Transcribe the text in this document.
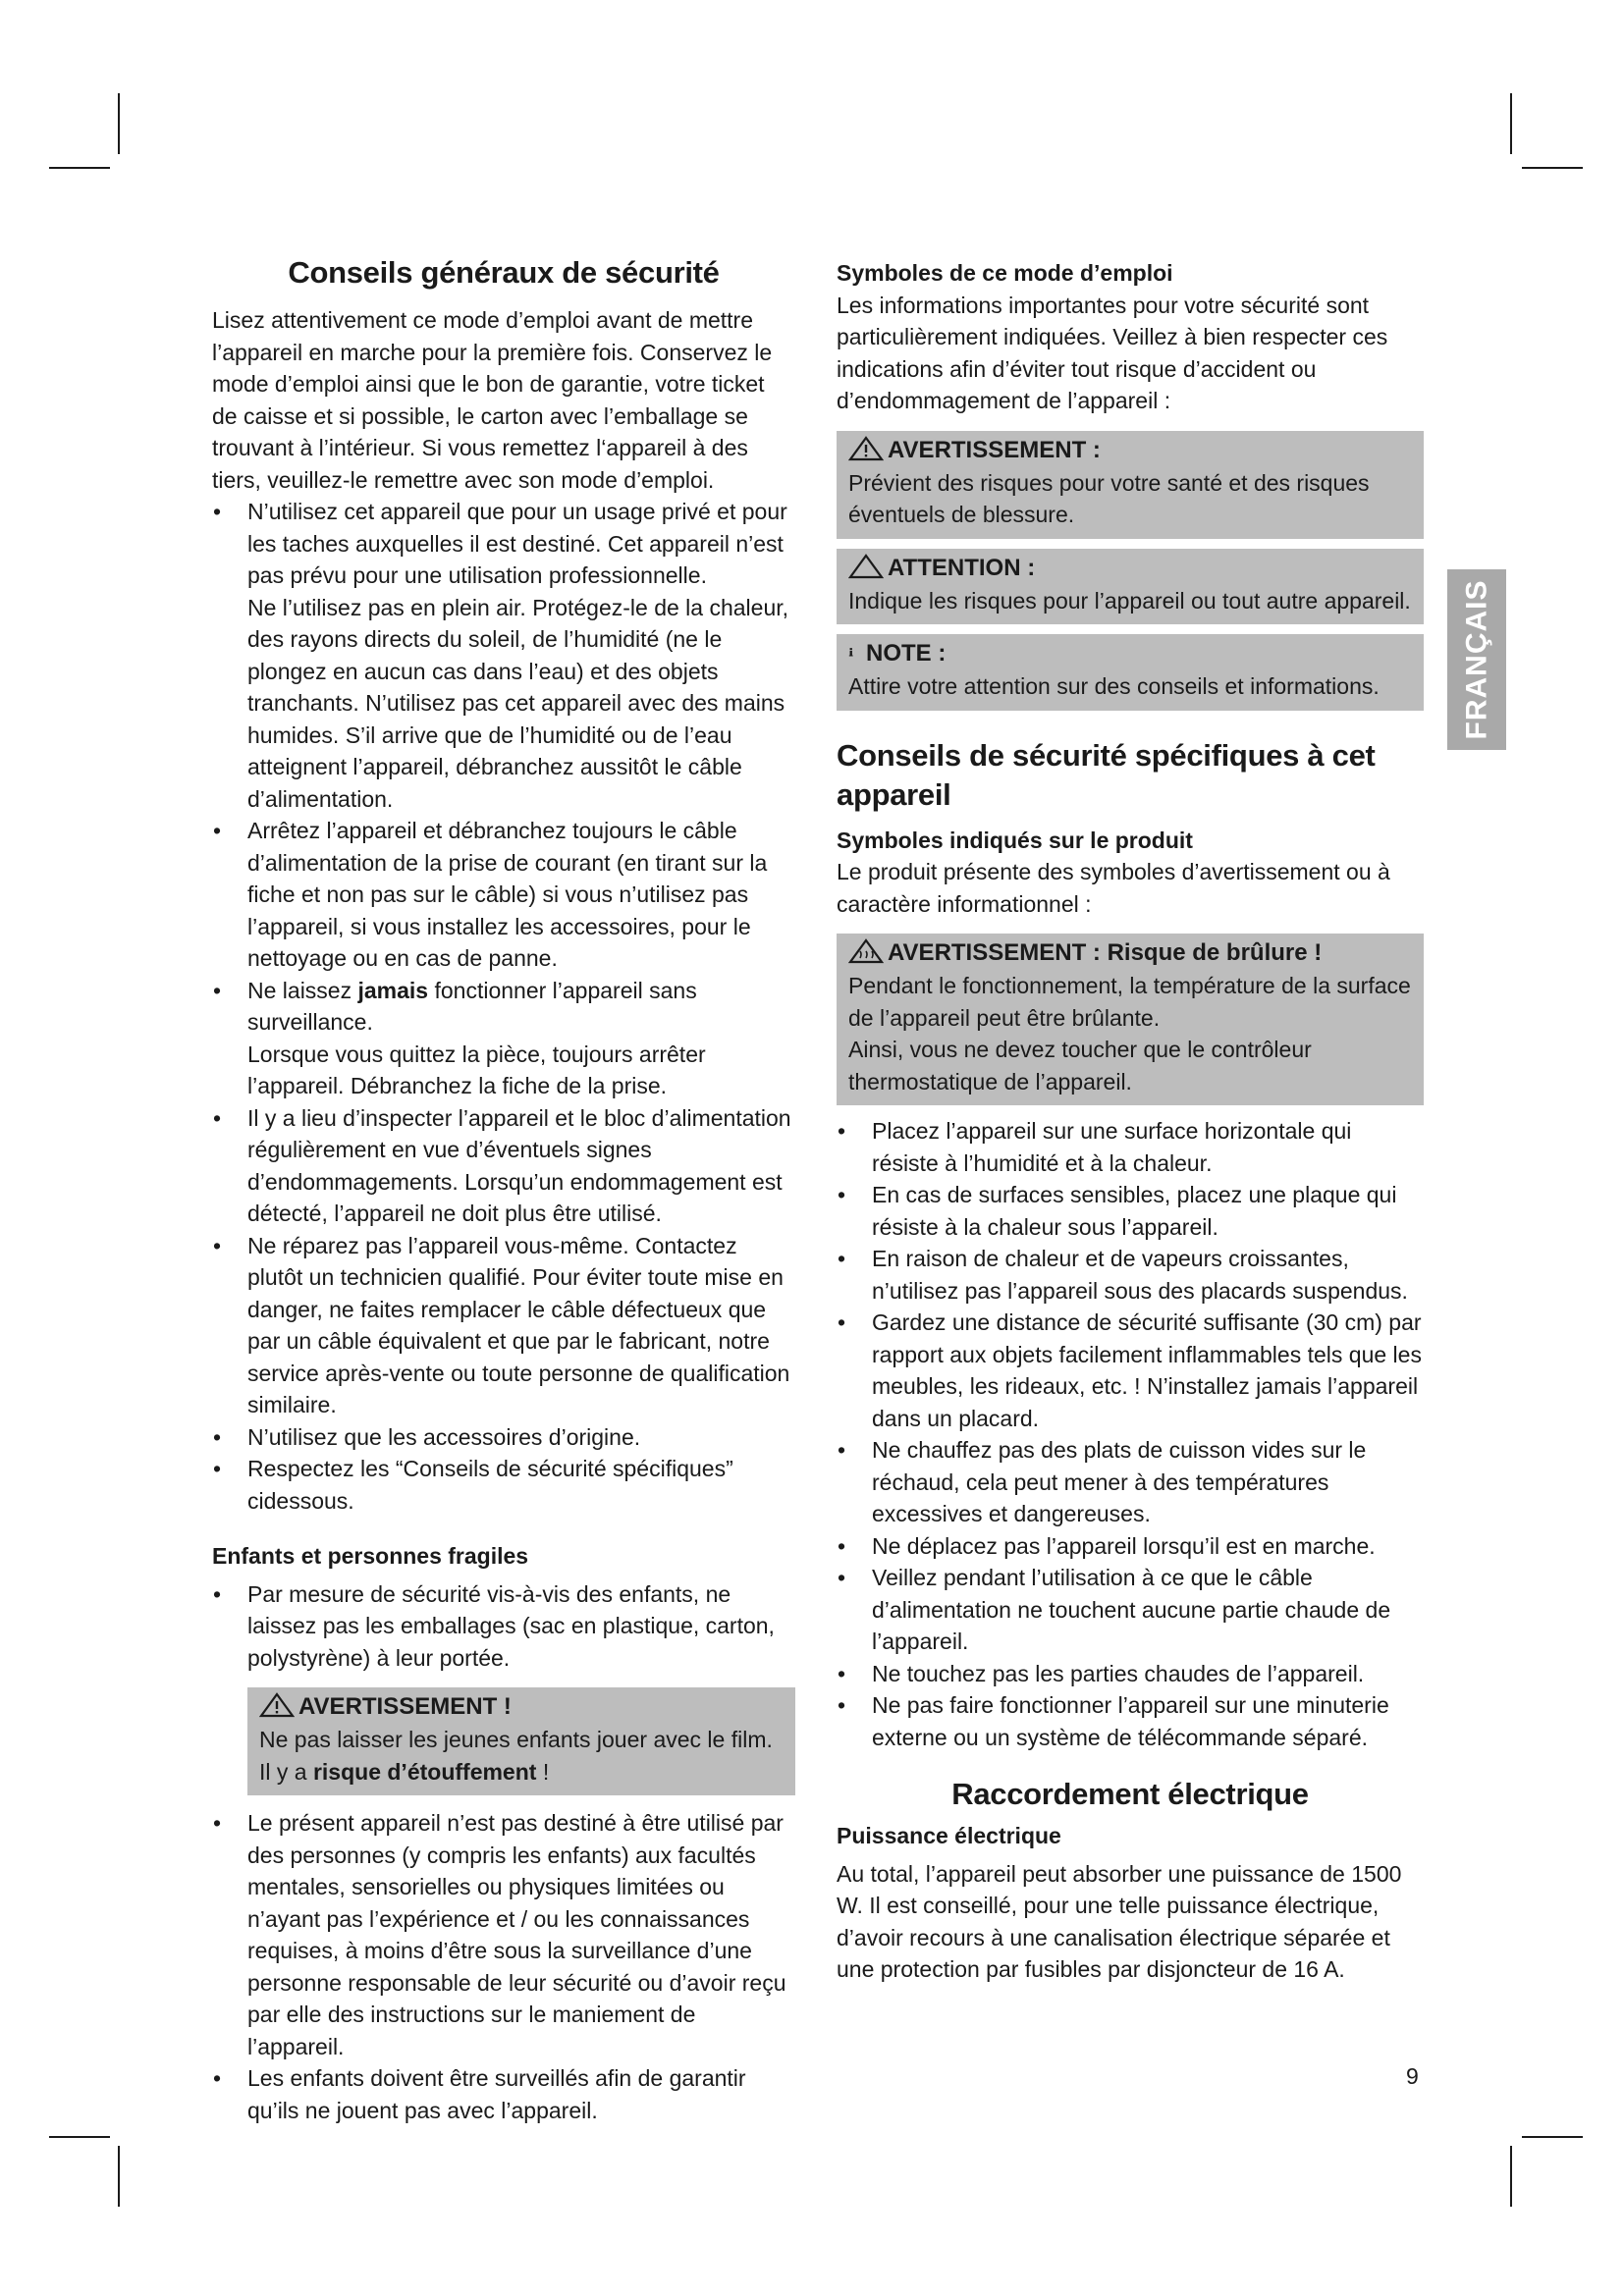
FRANÇAIS
Conseils généraux de sécurité

Lisez attentivement ce mode d’emploi avant de mettre l’appareil en marche pour la première fois. Conservez le mode d’emploi ainsi que le bon de garantie, votre ticket de caisse et si possible, le carton avec l’emballage se trouvant à l’intérieur. Si vous remettez l‘appareil à des tiers, veuillez-le remettre avec son mode d’emploi.

• N’utilisez cet appareil que pour un usage privé et pour les taches auxquelles il est destiné. Cet appareil n’est pas prévu pour une utilisation professionnelle.

Ne l’utilisez pas en plein air. Protégez-le de la chaleur, des rayons directs du soleil, de l’humidité (ne le plongez en aucun cas dans l’eau) et des objets tranchants. N’utilisez pas cet appareil avec des mains humides. S’il arrive que de l’humidité ou de l’eau atteignent l’appareil, débranchez aussitôt le câble d’alimentation.

• Arrêtez l’appareil et débranchez toujours le câble d’alimentation de la prise de courant (en tirant sur la fiche et non pas sur le câble) si vous n’utilisez pas l’appareil, si vous installez les accessoires, pour le nettoyage ou en cas de panne.

• Ne laissez jamais fonctionner l’appareil sans surveillance.

Lorsque vous quittez la pièce, toujours arrêter l’appareil. Débranchez la fiche de la prise.

• Il y a lieu d’inspecter l’appareil et le bloc d’alimentation régulièrement en vue d’éventuels signes d’endommagements. Lorsqu’un endommagement est détecté, l’appareil ne doit plus être utilisé.

• Ne réparez pas l’appareil vous-même. Contactez plutôt un technicien qualifié. Pour éviter toute mise en danger, ne faites remplacer le câble défectueux que par un câble équivalent et que par le fabricant, notre service après-vente ou toute personne de qualification similaire.

• N’utilisez que les accessoires d’origine.

• Respectez les “Conseils de sécurité spécifiques” cidessous.

Enfants et personnes fragiles
• Par mesure de sécurité vis-à-vis des enfants, ne laissez pas les emballages (sac en plastique, carton, polystyrène) à leur portée.

AVERTISSEMENT !

Ne pas laisser les jeunes enfants jouer avec le film.

Il y a risque d’étouffement !

• Le présent appareil n’est pas destiné à être utilisé par des personnes (y compris les enfants) aux facultés mentales, sensorielles ou physiques limitées ou n’ayant pas l’expérience et / ou les connaissances requises, à moins d’être sous la surveillance d’une personne responsable de leur sécurité ou d’avoir reçu par elle des instructions sur le maniement de l’appareil.

• Les enfants doivent être surveillés afin de garantir qu’ils ne jouent pas avec l’appareil.

Symboles de ce mode d’emploi

Les informations importantes pour votre sécurité sont particulièrement indiquées. Veillez à bien respecter ces indications afin d’éviter tout risque d’accident ou d’endommagement de l’appareil :

AVERTISSEMENT :

Prévient des risques pour votre santé et des risques éventuels de blessure.

ATTENTION :

Indique les risques pour l’appareil ou tout autre appareil.

NOTE :

Attire votre attention sur des conseils et informations.

Conseils de sécurité spécifiques à cet appareil
Symboles indiqués sur le produit

Le produit présente des symboles d’avertissement ou à caractère informationnel :

AVERTISSEMENT : Risque de brûlure !

Pendant le fonctionnement, la température de la surface de l’appareil peut être brûlante.

Ainsi, vous ne devez toucher que le contrôleur thermostatique de l’appareil.

• Placez l’appareil sur une surface horizontale qui résiste à l’humidité et à la chaleur.

• En cas de surfaces sensibles, placez une plaque qui résiste à la chaleur sous l’appareil.

• En raison de chaleur et de vapeurs croissantes, n’utilisez pas l’appareil sous des placards suspendus.

• Gardez une distance de sécurité suffisante (30 cm) par rapport aux objets facilement inflammables tels que les meubles, les rideaux, etc. ! N’installez jamais l’appareil dans un placard.

• Ne chauffez pas des plats de cuisson vides sur le réchaud, cela peut mener à des températures excessives et dangereuses.

• Ne déplacez pas l’appareil lorsqu’il est en marche.

• Veillez pendant l’utilisation à ce que le câble d’alimentation ne touchent aucune partie chaude de l’appareil.

• Ne touchez pas les parties chaudes de l’appareil.

• Ne pas faire fonctionner l’appareil sur une minuterie externe ou un système de télécommande séparé.

Raccordement électrique
Puissance électrique

Au total, l’appareil peut absorber une puissance de 1500 W. Il est conseillé, pour une telle puissance électrique, d’avoir recours à une canalisation électrique séparée et une protection par fusibles par disjoncteur de 16 A.

9
